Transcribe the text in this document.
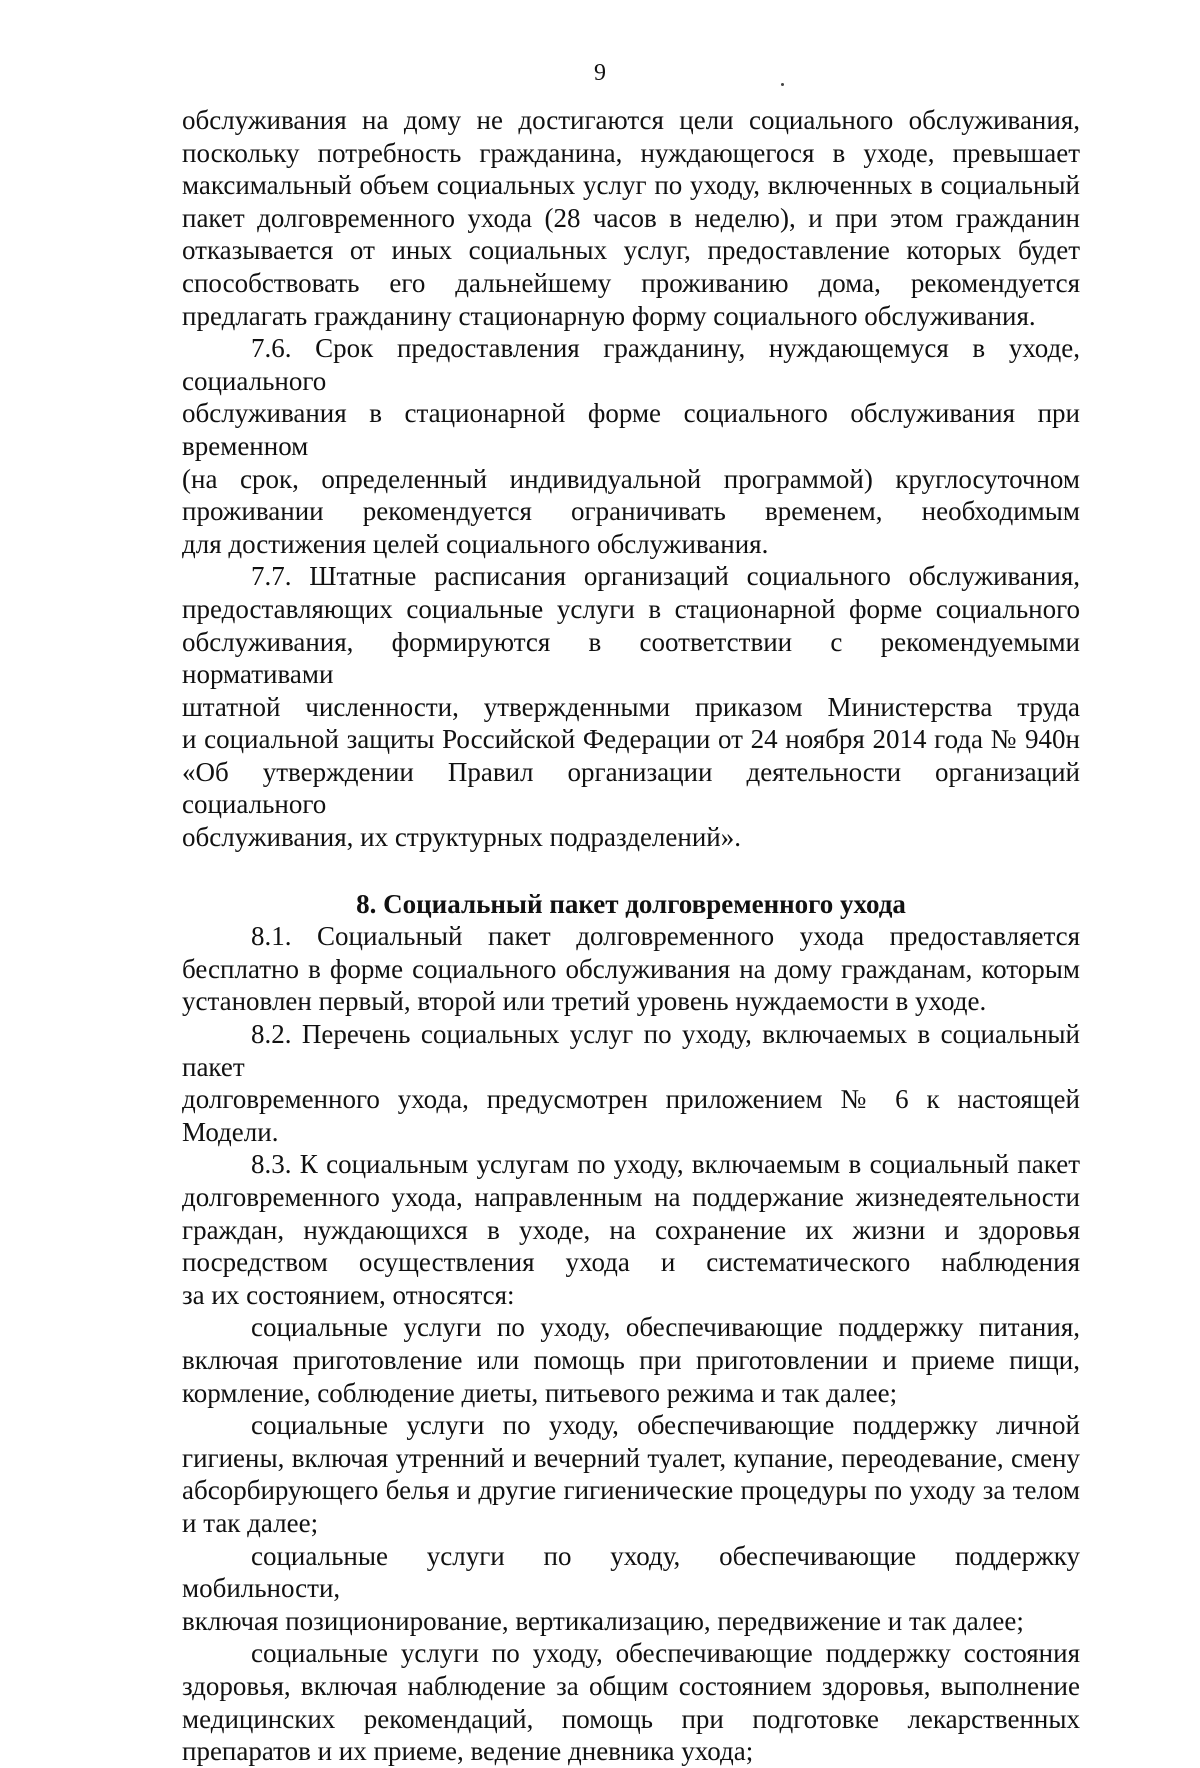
9

обслуживания на дому не достигаются цели социального обслуживания,

поскольку потребность гражданина, нуждающегося в уходе, превышает

максимальный объем социальных услуг по уходу, включенных в социальный

пакет долговременного ухода (28 часов в неделю), и при этом гражданин

отказывается от иных социальных услуг, предоставление которых будет

способствовать его дальнейшему проживанию дома, рекомендуется

предлагать гражданину стационарную форму социального обслуживания.

7.6. Срок предоставления гражданину, нуждающемуся в уходе, социального

обслуживания в стационарной форме социального обслуживания при временном

(на срок, определенный индивидуальной программой) круглосуточном

проживании рекомендуется ограничивать временем, необходимым

для достижения целей социального обслуживания.

7.7. Штатные расписания организаций социального обслуживания,

предоставляющих социальные услуги в стационарной форме социального

обслуживания, формируются в соответствии с рекомендуемыми нормативами

штатной численности, утвержденными приказом Министерства труда

и социальной защиты Российской Федерации от 24 ноября 2014 года № 940н

«Об утверждении Правил организации деятельности организаций социального

обслуживания, их структурных подразделений».

8. Социальный пакет долговременного ухода

8.1. Социальный пакет долговременного ухода предоставляется

бесплатно в форме социального обслуживания на дому гражданам, которым

установлен первый, второй или третий уровень нуждаемости в уходе.

8.2. Перечень социальных услуг по уходу, включаемых в социальный пакет

долговременного ухода, предусмотрен приложением № 6 к настоящей Модели.

8.3. К социальным услугам по уходу, включаемым в социальный пакет

долговременного ухода, направленным на поддержание жизнедеятельности

граждан, нуждающихся в уходе, на сохранение их жизни и здоровья

посредством осуществления ухода и систематического наблюдения

за их состоянием, относятся:

социальные услуги по уходу, обеспечивающие поддержку питания,

включая приготовление или помощь при приготовлении и приеме пищи,

кормление, соблюдение диеты, питьевого режима и так далее;

социальные услуги по уходу, обеспечивающие поддержку личной

гигиены, включая утренний и вечерний туалет, купание, переодевание, смену

абсорбирующего белья и другие гигиенические процедуры по уходу за телом

и так далее;

социальные услуги по уходу, обеспечивающие поддержку мобильности,

включая позиционирование, вертикализацию, передвижение и так далее;

социальные услуги по уходу, обеспечивающие поддержку состояния

здоровья, включая наблюдение за общим состоянием здоровья, выполнение

медицинских рекомендаций, помощь при подготовке лекарственных

препаратов и их приеме, ведение дневника ухода;
